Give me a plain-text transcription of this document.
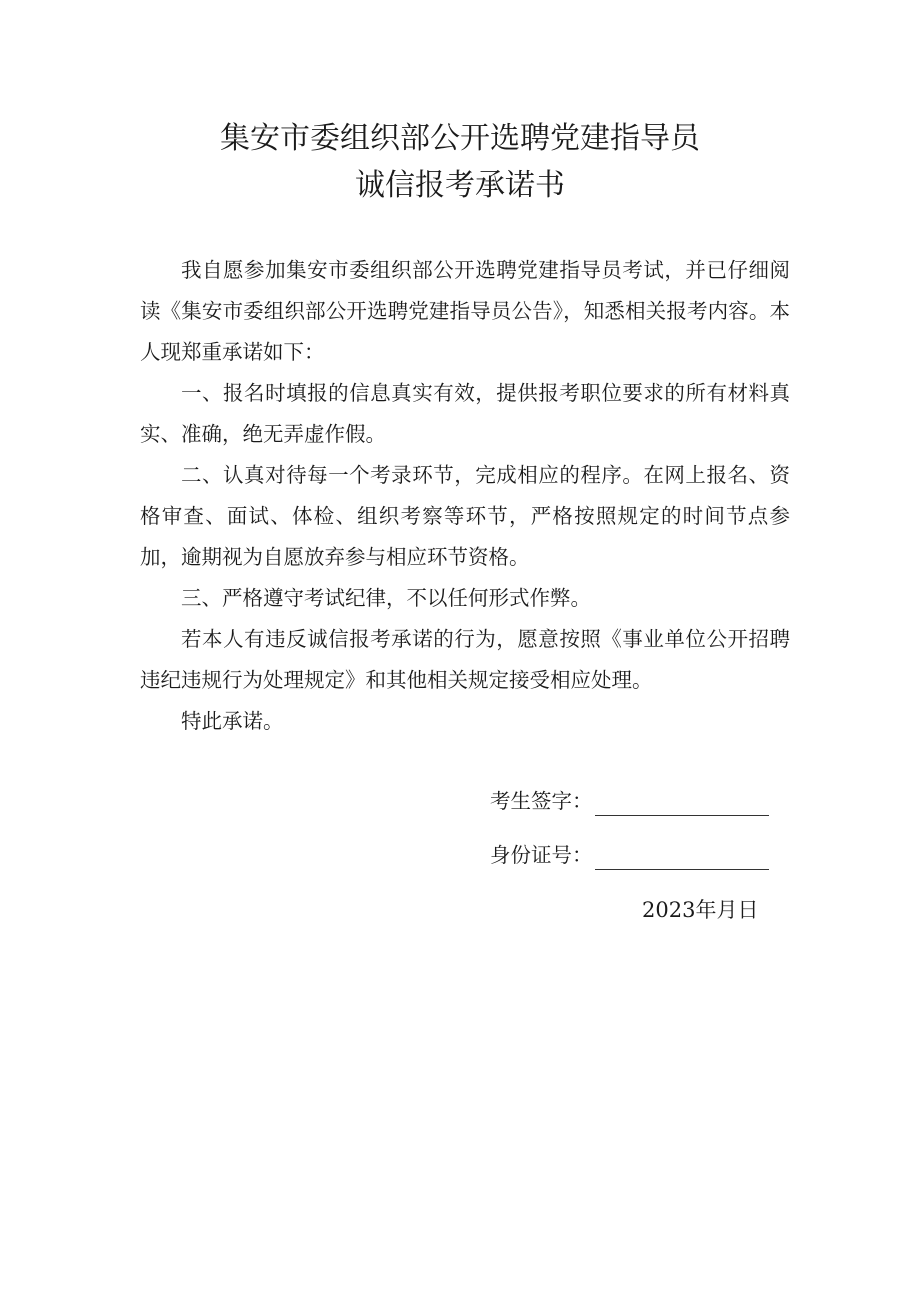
集安市委组织部公开选聘党建指导员
诚信报考承诺书

我自愿参加集安市委组织部公开选聘党建指导员考试，并已仔细阅读《集安市委组织部公开选聘党建指导员公告》，知悉相关报考内容。本人现郑重承诺如下：

一、报名时填报的信息真实有效，提供报考职位要求的所有材料真实、准确，绝无弄虚作假。

二、认真对待每一个考录环节，完成相应的程序。在网上报名、资格审查、面试、体检、组织考察等环节，严格按照规定的时间节点参加，逾期视为自愿放弃参与相应环节资格。

三、严格遵守考试纪律，不以任何形式作弊。

若本人有违反诚信报考承诺的行为，愿意按照《事业单位公开招聘违纪违规行为处理规定》和其他相关规定接受相应处理。

特此承诺。

考生签字：
身份证号：
2023年月日
